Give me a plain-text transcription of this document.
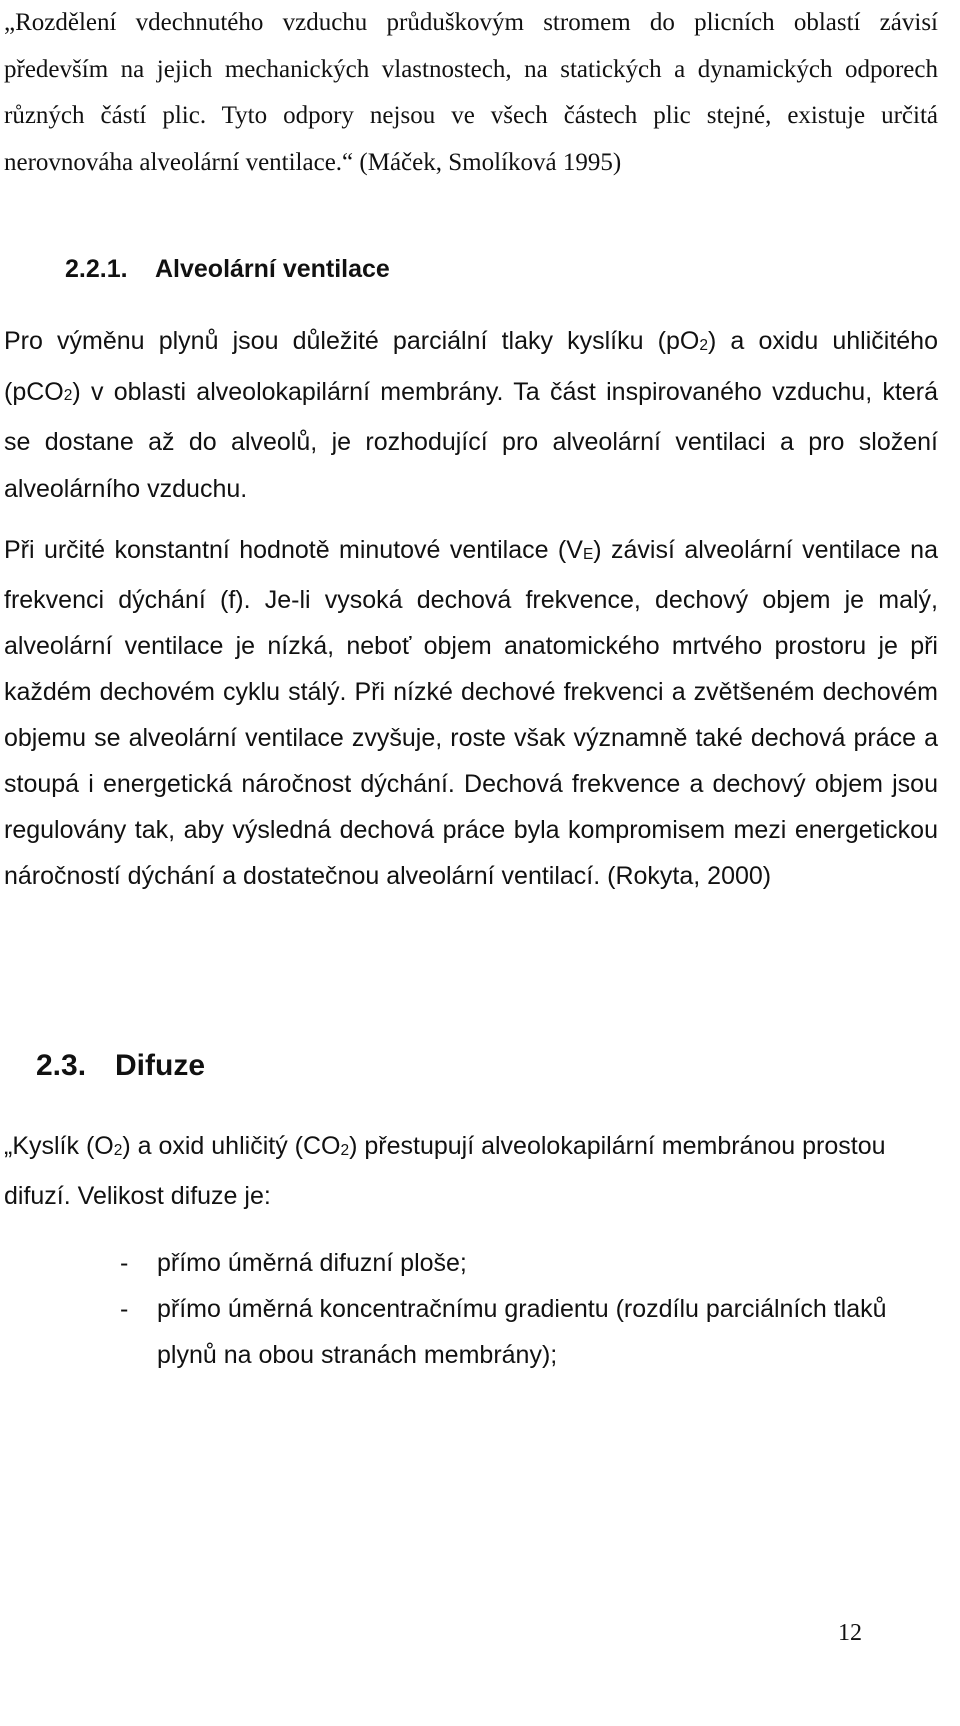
„Rozdělení vdechnutého vzduchu průduškovým stromem do plicních oblastí závisí především na jejich mechanických vlastnostech, na statických a dynamických odporech různých částí plic. Tyto odpory nejsou ve všech částech plic stejné, existuje určitá nerovnováha alveolární ventilace.“ (Máček, Smolíková 1995)
2.2.1. Alveolární ventilace
Pro výměnu plynů jsou důležité parciální tlaky kyslíku $(pO_2)$ a oxidu uhličitého (pCO$_2$) v oblasti alveolokapilární membrány. Ta část inspirovaného vzduchu, která se dostane až do alveolů, je rozhodující pro alveolární ventilaci a pro složení alveolárního vzduchu.
Při určité konstantní hodnotě minutové ventilace $(V_E)$ závisí alveolární ventilace na frekvenci dýchání (f). Je-li vysoká dechová frekvence, dechový objem je malý, alveolární ventilace je nízká, neboť objem anatomického mrtvého prostoru je při každém dechovém cyklu stálý. Při nízké dechové frekvenci a zvětšeném dechovém objemu se alveolární ventilace zvyšuje, roste však významně také dechová práce a stoupá i energetická náročnost dýchání. Dechová frekvence a dechový objem jsou regulovány tak, aby výsledná dechová práce byla kompromisem mezi energetickou náročností dýchání a dostatečnou alveolární ventilací. (Rokyta, 2000)
2.3. Difuze
„Kyslík $(O_2)$ a oxid uhličitý $(CO_2)$ přestupují alveolokapilární membránou prostou difuzí. Velikost difuze je:
-	přímo úměrná difuzní ploše;
-	přímo úměrná koncentračnímu gradientu (rozdílu parciálních tlaků plynů na obou stranách membrány);
12
